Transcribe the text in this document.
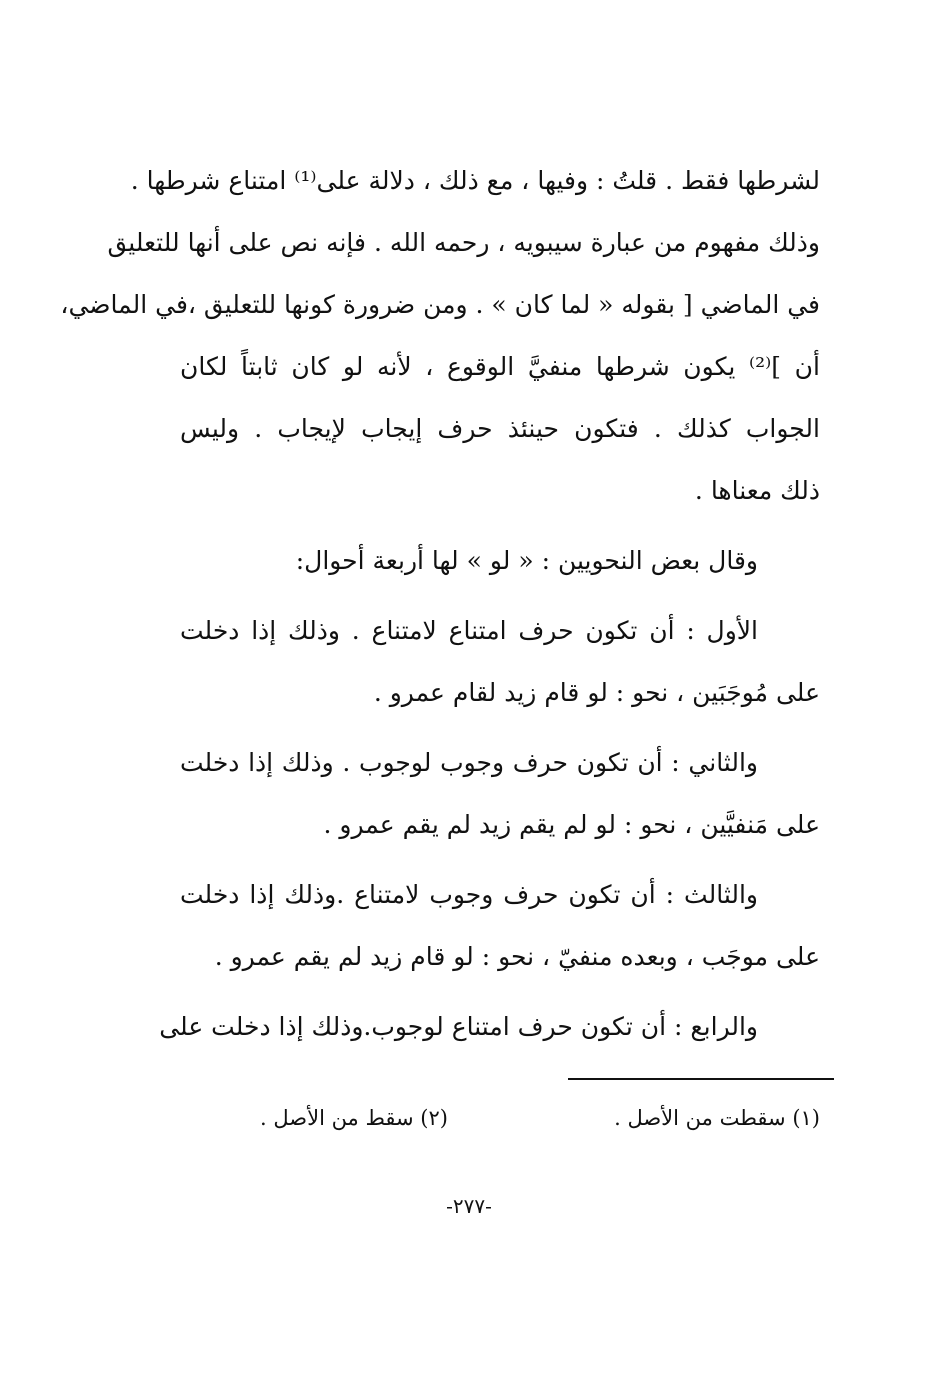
لشرطها فقط . قلتُ : وفيها ، مع ذلك ، دلالة على⁽¹⁾ امتناع شرطها .
وذلك مفهوم من عبارة سيبويه ، رحمه الله . فإنه نص على أنها للتعليق
في الماضي [ بقوله « لما كان » . ومن ضرورة كونها للتعليق ،في الماضي،
أن ]⁽²⁾ يكون شرطها منفيَّ الوقوع ، لأنه لو كان ثابتاً لكان
الجواب كذلك . فتكون حينئذ حرف إيجاب لإيجاب . وليس
ذلك معناها .
وقال بعض النحويين : « لو » لها أربعة أحوال:
الأول : أن تكون حرف امتناع لامتناع . وذلك إذا دخلت
على مُوجَبَين ، نحو : لو قام زيد لقام عمرو .
والثاني : أن تكون حرف وجوب لوجوب . وذلك إذا دخلت
على مَنفيَّين ، نحو : لو لم يقم زيد لم يقم عمرو .
والثالث : أن تكون حرف وجوب لامتناع .وذلك إذا دخلت
على موجَب ، وبعده منفيّ ، نحو : لو قام زيد لم يقم عمرو .
والرابع : أن تكون حرف امتناع لوجوب.وذلك إذا دخلت على
(١) سقطت من الأصل .
(٢) سقط من الأصل .
-٢٧٧-
